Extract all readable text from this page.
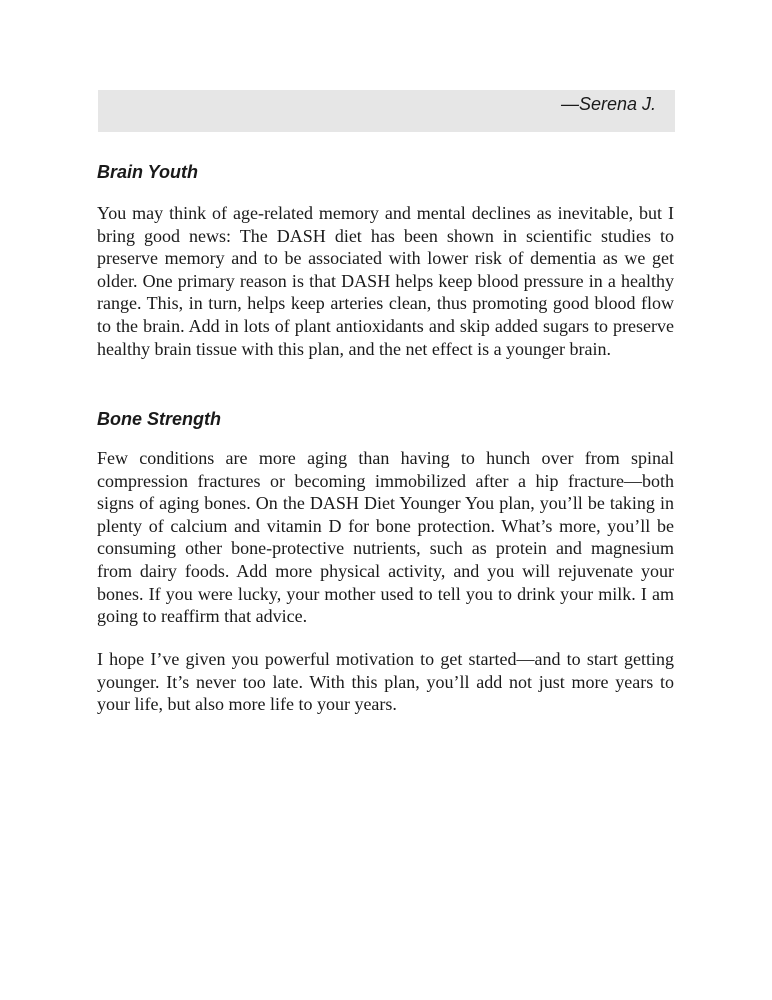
—Serena J.
Brain Youth

You may think of age-related memory and mental declines as inevitable, but I bring good news: The DASH diet has been shown in scientific studies to preserve memory and to be associated with lower risk of dementia as we get older. One primary reason is that DASH helps keep blood pressure in a healthy range. This, in turn, helps keep arteries clean, thus promoting good blood flow to the brain. Add in lots of plant antioxidants and skip added sugars to preserve healthy brain tissue with this plan, and the net effect is a younger brain.

Bone Strength

Few conditions are more aging than having to hunch over from spinal compression fractures or becoming immobilized after a hip fracture—both signs of aging bones. On the DASH Diet Younger You plan, you’ll be taking in plenty of calcium and vitamin D for bone protection. What’s more, you’ll be consuming other bone-protective nutrients, such as protein and magnesium from dairy foods. Add more physical activity, and you will rejuvenate your bones. If you were lucky, your mother used to tell you to drink your milk. I am going to reaffirm that advice.

I hope I’ve given you powerful motivation to get started—and to start getting younger. It’s never too late. With this plan, you’ll add not just more years to your life, but also more life to your years.
